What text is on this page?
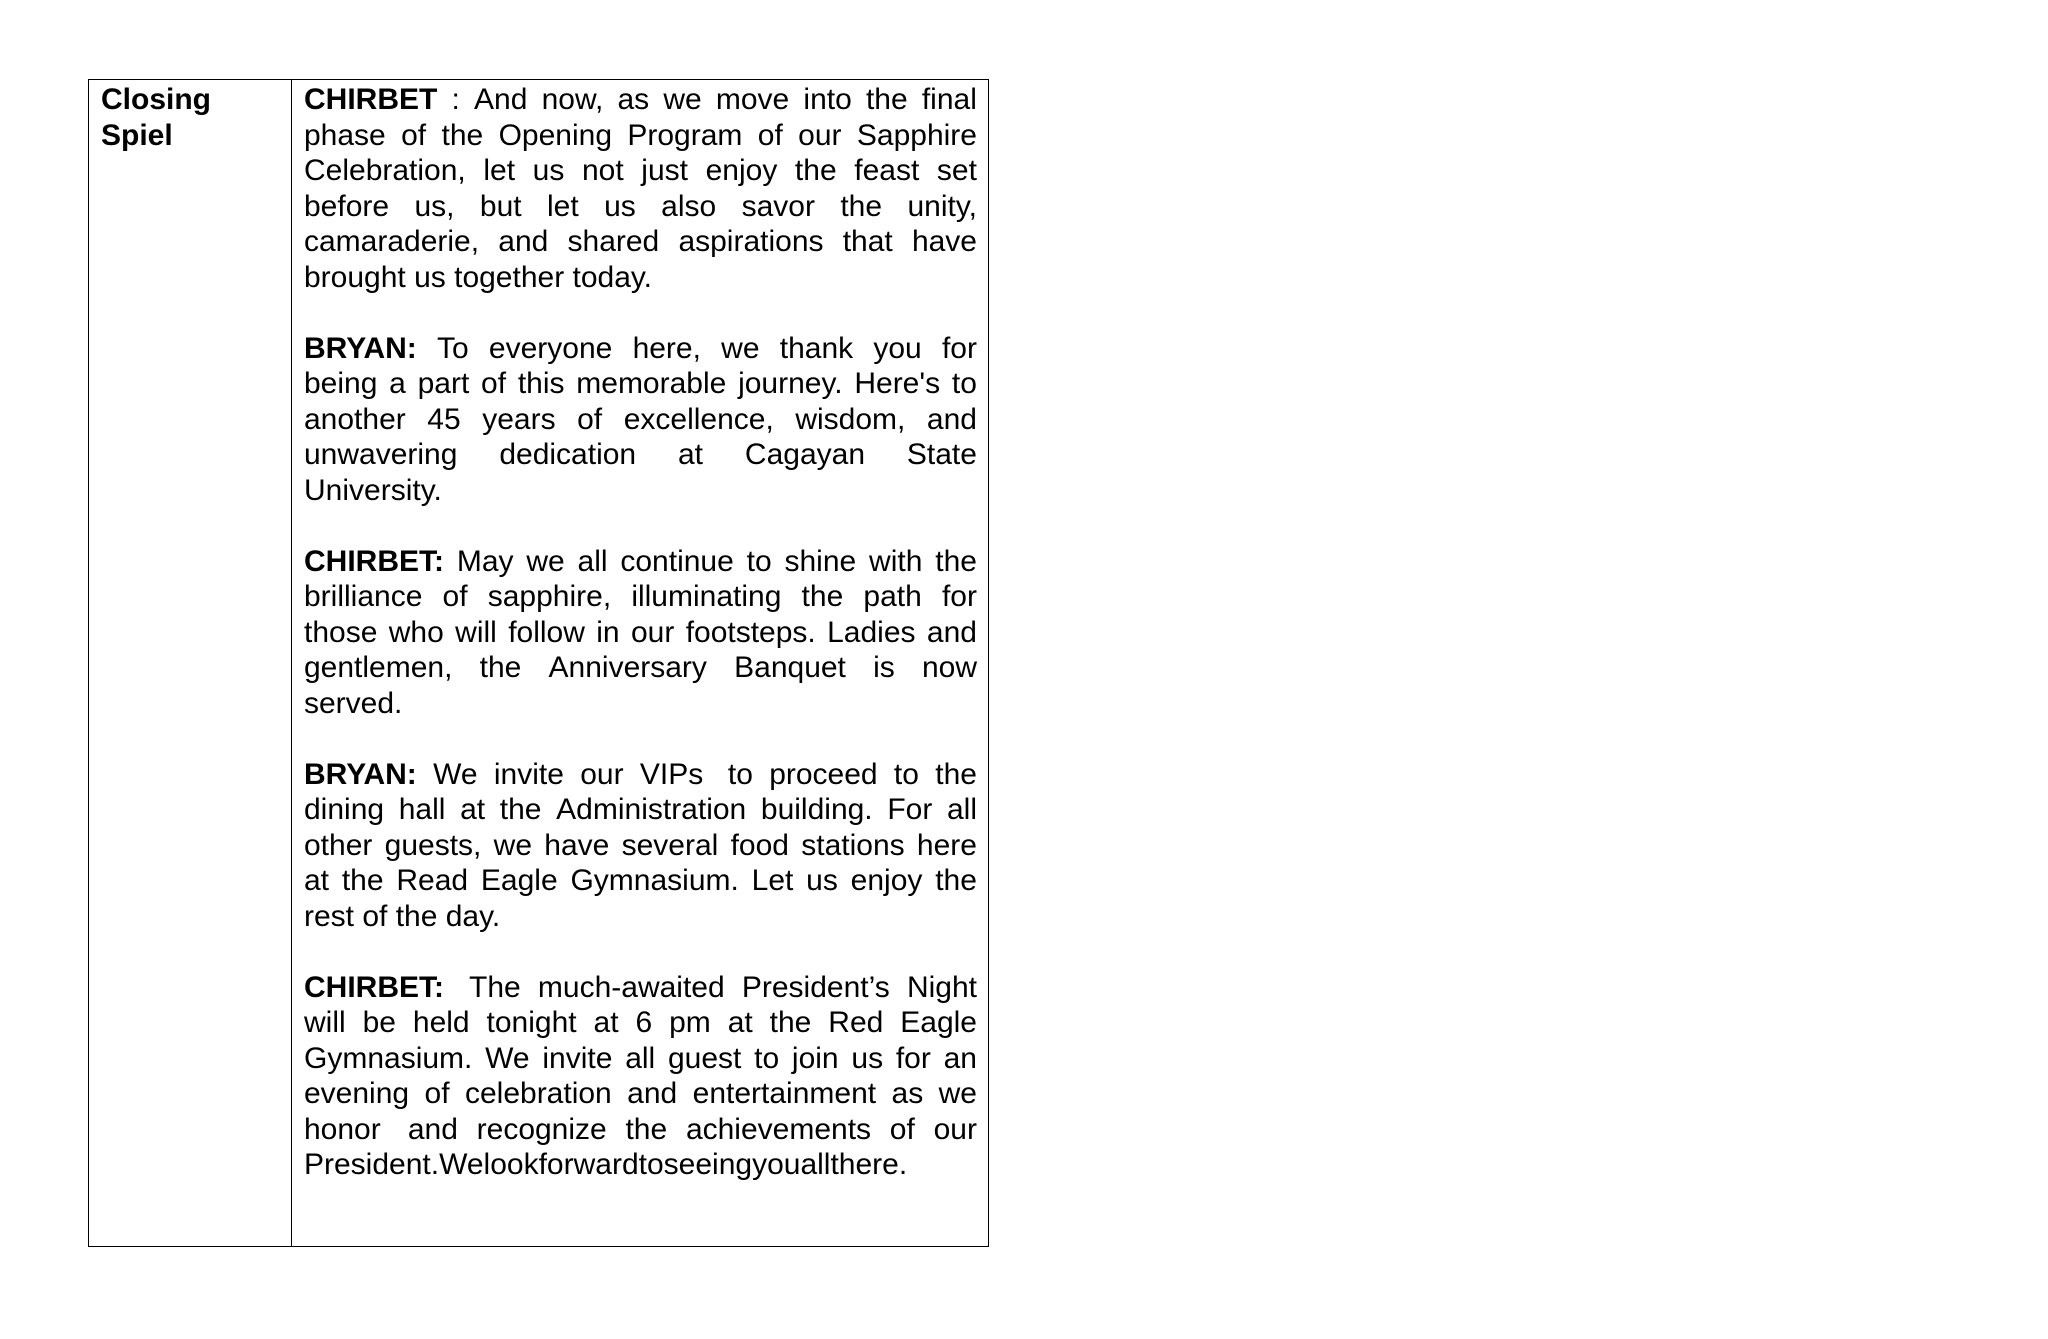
Closing
Spiel
CHIRBET : And now, as we move into the final
phase of the Opening Program of our Sapphire
Celebration, let us not just enjoy the feast set
before us, but let us also savor the unity,
camaraderie, and shared aspirations that have
brought us together today.
BRYAN: To everyone here, we thank you for
being a part of this memorable journey. Here's to
another 45 years of excellence, wisdom, and
unwavering dedication at Cagayan State
University.
CHIRBET: May we all continue to shine with the
brilliance of sapphire, illuminating the path for
those who will follow in our footsteps. Ladies and
gentlemen, the Anniversary Banquet is now
served.
BRYAN: We invite our VIPs to proceed to the
dining hall at the Administration building. For all
other guests, we have several food stations here
at the Read Eagle Gymnasium. Let us enjoy the
rest of the day.
CHIRBET: The much-awaited President’s Night
will be held tonight at 6 pm at the Red Eagle
Gymnasium. We invite all guest to join us for an
evening of celebration and entertainment as we
honor and recognize the achievements of our
President. We look forward to seeing you all there.
